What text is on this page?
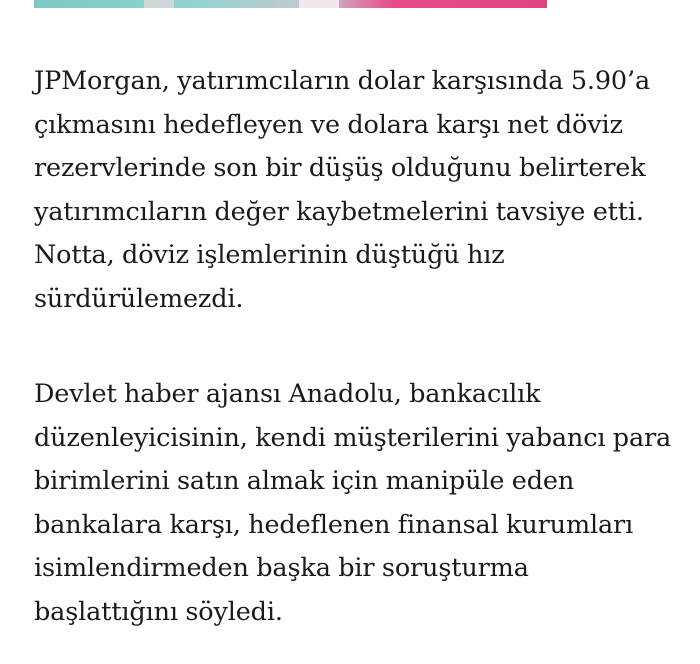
JPMorgan, yatırımcıların dolar karşısında 5.90’a çıkmasını hedefleyen ve dolara karşı net döviz rezervlerinde son bir düşüş olduğunu belirterek yatırımcıların değer kaybetmelerini tavsiye etti. Notta, döviz işlemlerinin düştüğü hız sürdürülemezdi.

Devlet haber ajansı Anadolu, bankacılık düzenleyicisinin, kendi müşterilerini yabancı para birimlerini satın almak için manipüle eden bankalara karşı, hedeflenen finansal kurumları isimlendirmeden başka bir soruşturma başlattığını söyledi.
